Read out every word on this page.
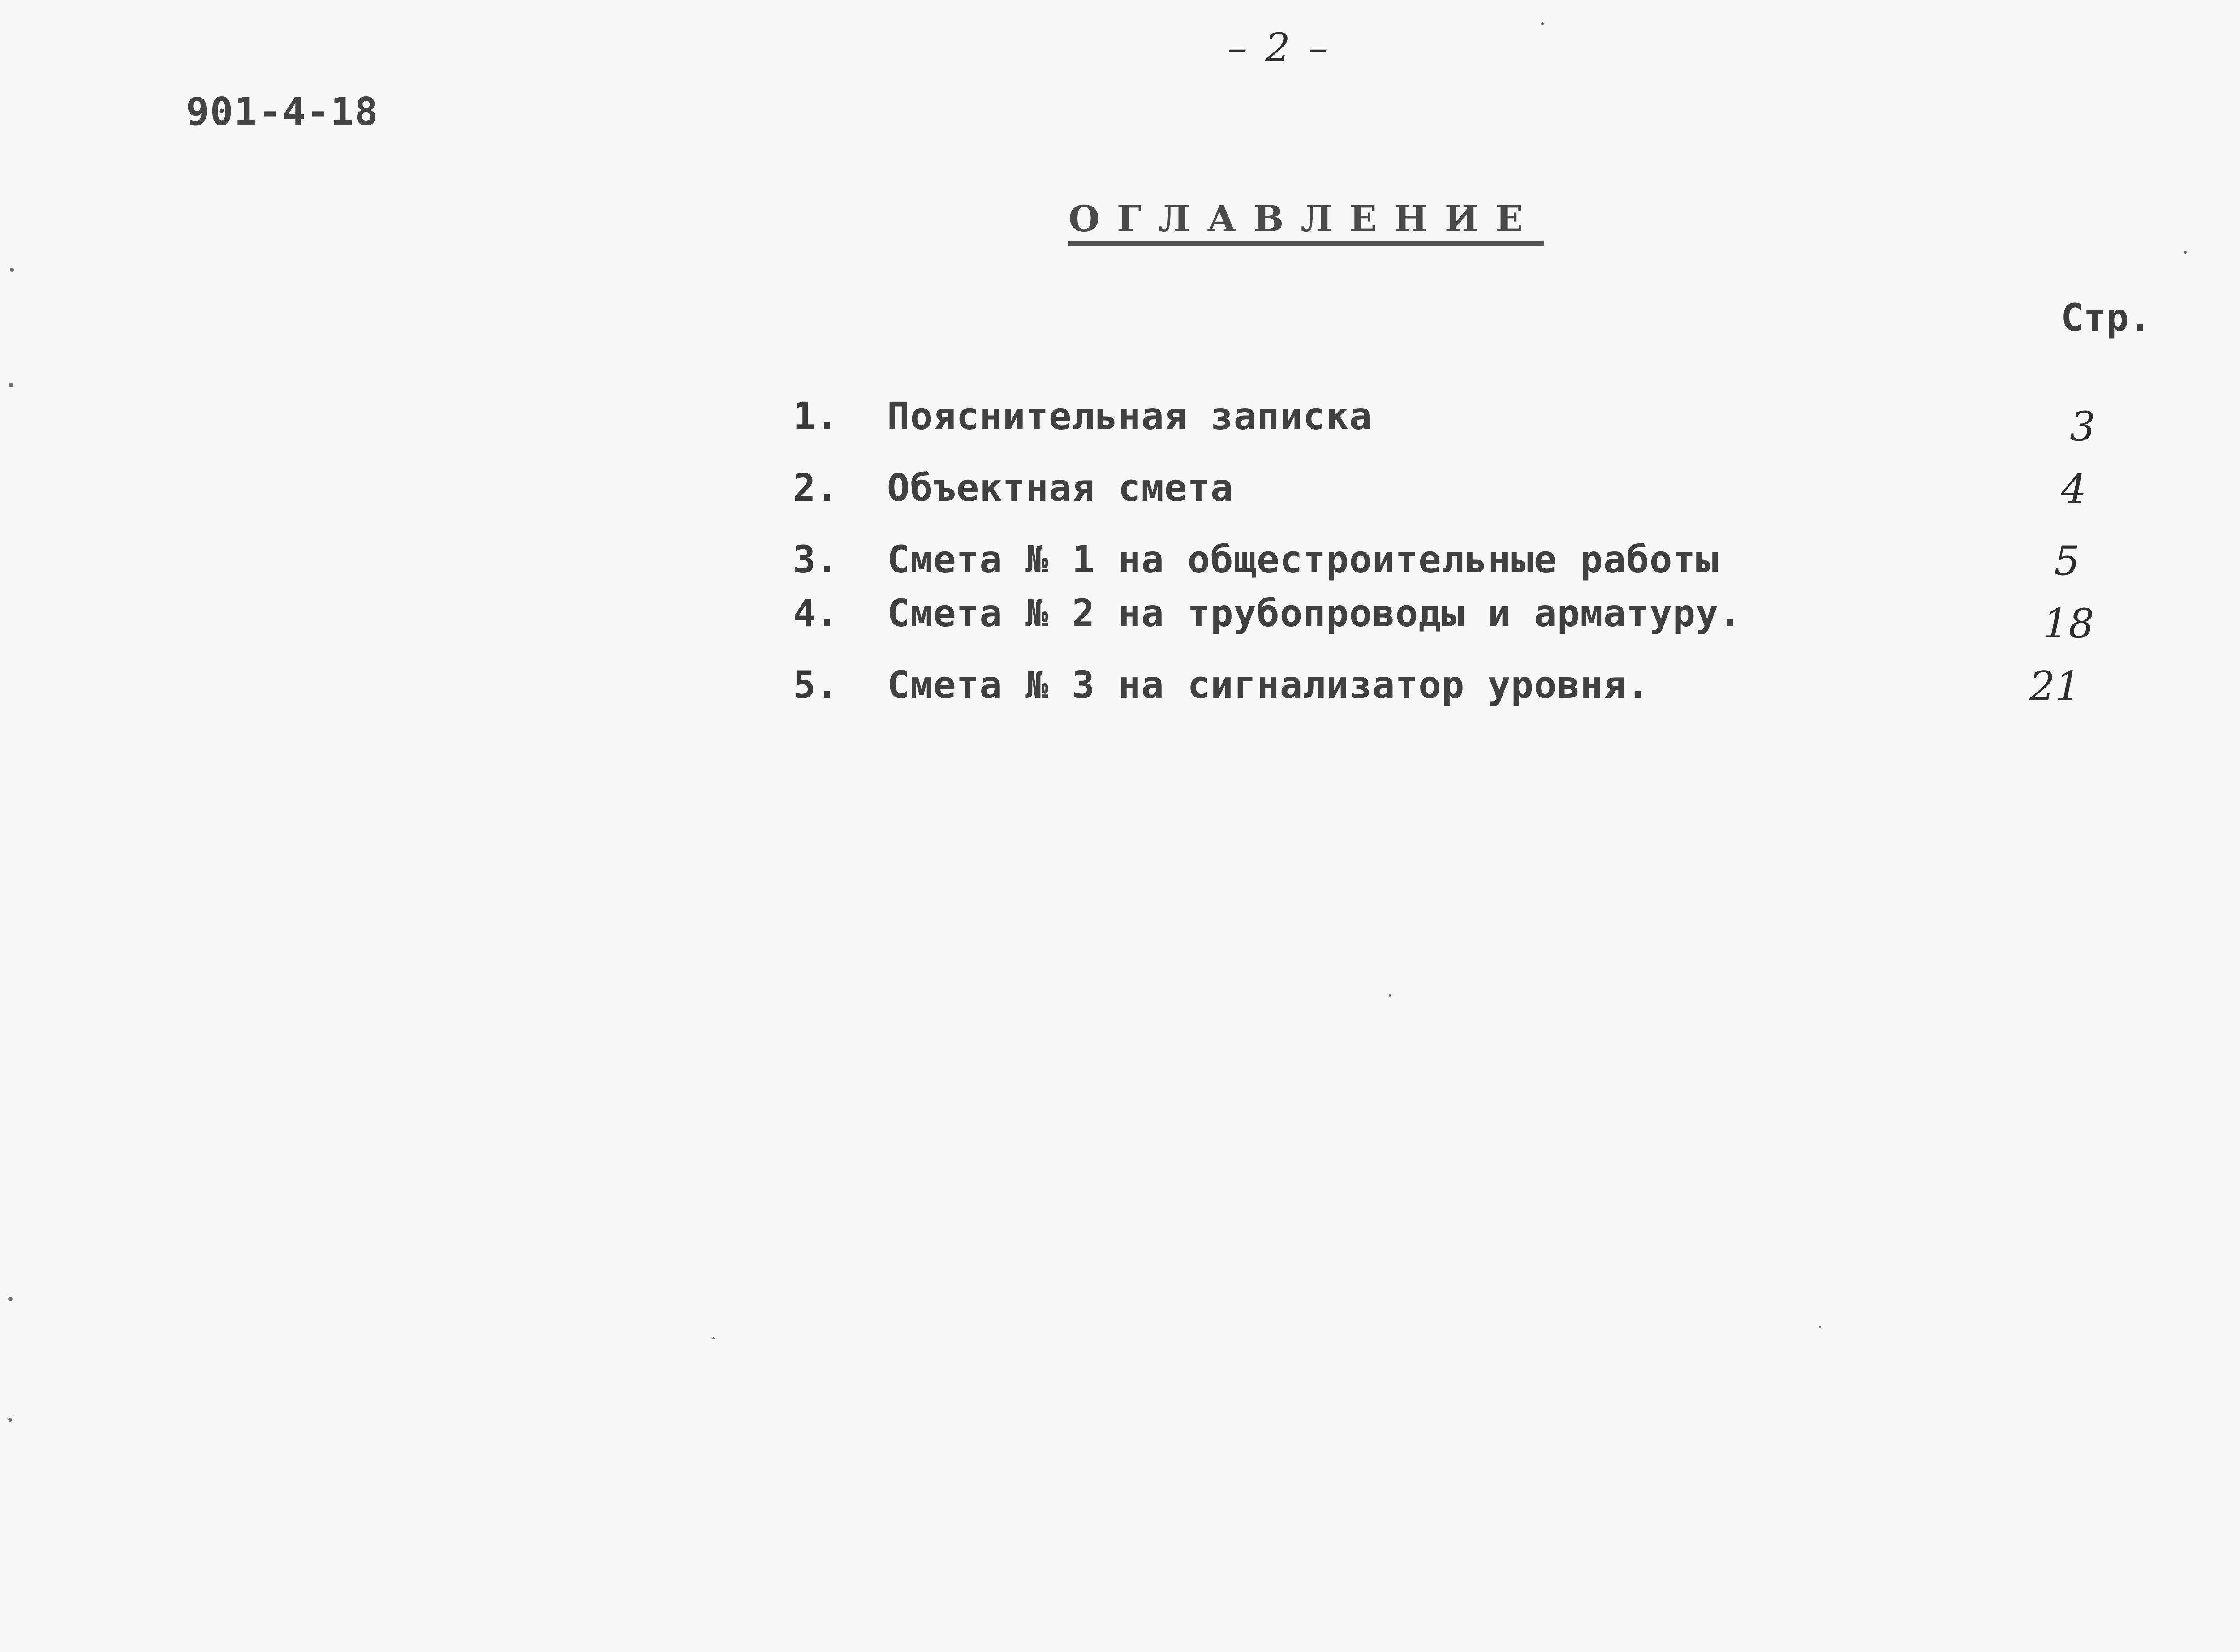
– 2 –
901-4-18
ОГЛАВЛЕНИЕ
Стр.
1. Пояснительная записка	3
2. Объектная смета	4
3. Смета № 1 на общестроительные работы	5
4. Смета № 2 на трубопроводы и арматуру.	18
5. Смета № 3 на сигнализатор уровня.	21
